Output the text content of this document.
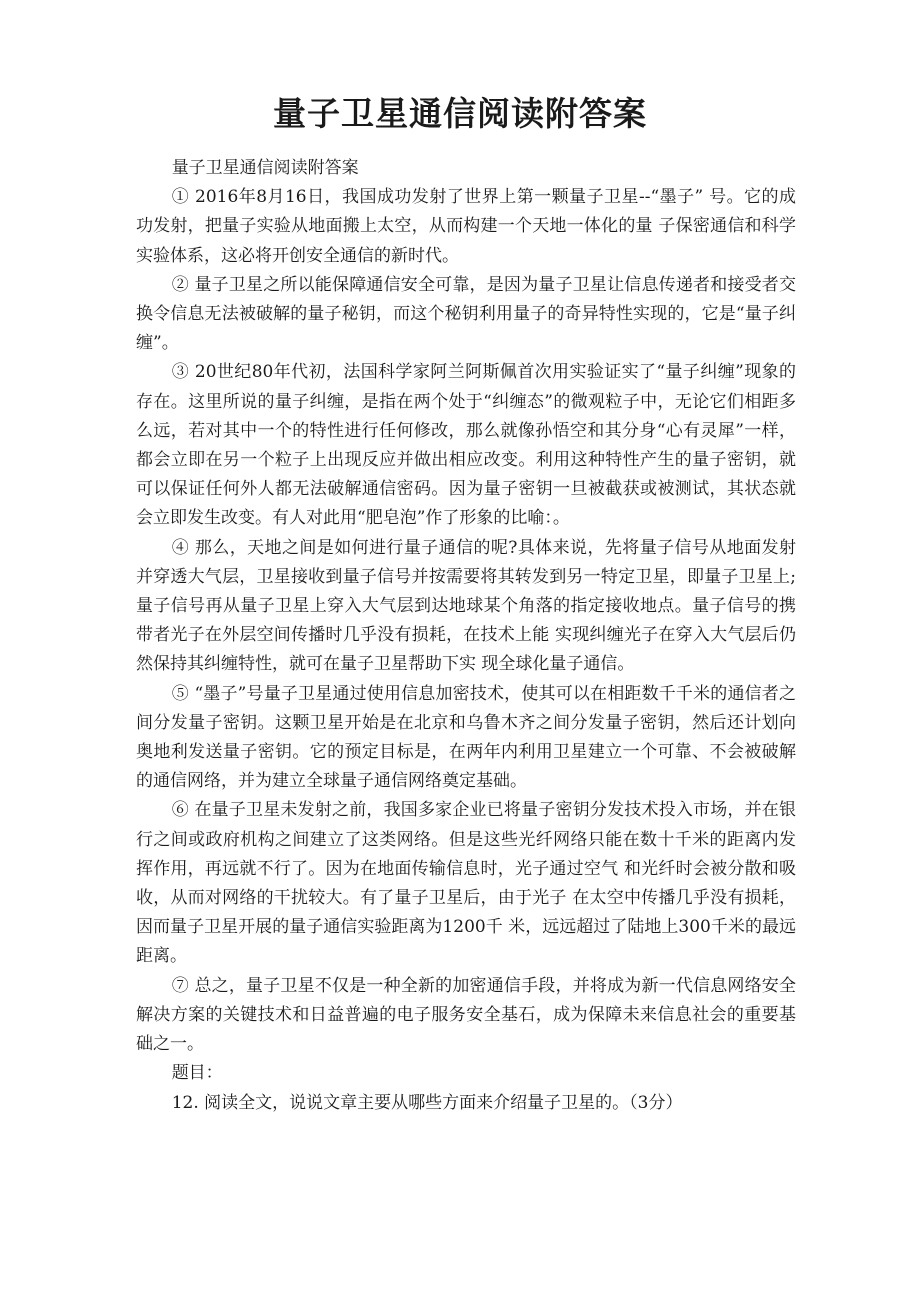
量子卫星通信阅读附答案

量子卫星通信阅读附答案

① 2016年8月16日，我国成功发射了世界上第一颗量子卫星--“墨子” 号。它的成功发射，把量子实验从地面搬上太空，从而构建一个天地一体化的量 子保密通信和科学实验体系，这必将开创安全通信的新时代。

② 量子卫星之所以能保障通信安全可靠，是因为量子卫星让信息传递者和接受者交换令信息无法被破解的量子秘钥，而这个秘钥利用量子的奇异特性实现的，它是“量子纠缠”。

③ 20世纪80年代初，法国科学家阿兰阿斯佩首次用实验证实了“量子纠缠”现象的存在。这里所说的量子纠缠，是指在两个处于“纠缠态”的微观粒子中，无论它们相距多么远，若对其中一个的特性进行任何修改，那么就像孙悟空和其分身“心有灵犀”一样，都会立即在另一个粒子上出现反应并做出相应改变。利用这种特性产生的量子密钥，就可以保证任何外人都无法破解通信密码。因为量子密钥一旦被截获或被测试，其状态就会立即发生改变。有人对此用“肥皂泡”作了形象的比喻：。

④ 那么，天地之间是如何进行量子通信的呢?具体来说，先将量子信号从地面发射并穿透大气层，卫星接收到量子信号并按需要将其转发到另一特定卫星，即量子卫星上;量子信号再从量子卫星上穿入大气层到达地球某个角落的指定接收地点。量子信号的携带者光子在外层空间传播时几乎没有损耗，在技术上能 实现纠缠光子在穿入大气层后仍然保持其纠缠特性，就可在量子卫星帮助下实 现全球化量子通信。

⑤ “墨子”号量子卫星通过使用信息加密技术，使其可以在相距数千千米的通信者之间分发量子密钥。这颗卫星开始是在北京和乌鲁木齐之间分发量子密钥，然后还计划向奥地利发送量子密钥。它的预定目标是，在两年内利用卫星建立一个可靠、不会被破解的通信网络，并为建立全球量子通信网络奠定基础。

⑥ 在量子卫星未发射之前，我国多家企业已将量子密钥分发技术投入市场，并在银行之间或政府机构之间建立了这类网络。但是这些光纤网络只能在数十千米的距离内发挥作用，再远就不行了。因为在地面传输信息时，光子通过空气 和光纤时会被分散和吸收，从而对网络的干扰较大。有了量子卫星后，由于光子 在太空中传播几乎没有损耗，因而量子卫星开展的量子通信实验距离为1200千 米，远远超过了陆地上300千米的最远距离。

⑦ 总之，量子卫星不仅是一种全新的加密通信手段，并将成为新一代信息网络安全解决方案的关键技术和日益普遍的电子服务安全基石，成为保障未来信息社会的重要基础之一。

题目：

12. 阅读全文，说说文章主要从哪些方面来介绍量子卫星的。（3分）
